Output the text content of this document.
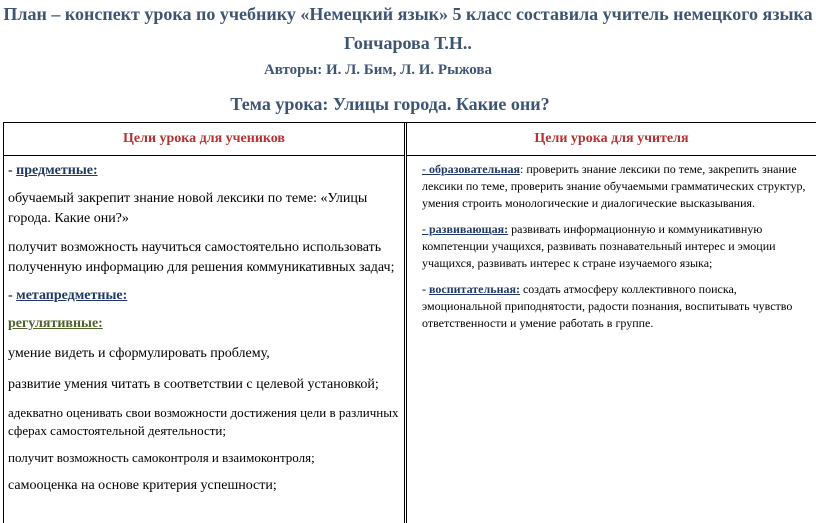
План – конспект урока по учебнику «Немецкий язык» 5 класс составила учитель немецкого языка
Гончарова Т.Н..
Авторы: И. Л. Бим, Л. И. Рыжова
Тема урока: Улицы города. Какие они?
Цели урока для учеников	Цели урока для учителя

- предметные:

обучаемый закрепит знание новой лексики по теме: «Улицы города. Какие они?»

получит возможность научиться самостоятельно использовать полученную информацию для решения коммуникативных задач;

- метапредметные:

регулятивные:

умение видеть и сформулировать проблему,

развитие умения читать в соответствии с целевой установкой;

адекватно оценивать свои возможности достижения цели в различных сферах самостоятельной деятельности;

получит возможность самоконтроля и взаимоконтроля;

самооценка на основе критерия успешности;

- образовательная: проверить знание лексики по теме, закрепить знание лексики по теме, проверить знание обучаемыми грамматических структур, умения строить монологические и диалогические высказывания.

- развивающая: развивать информационную и коммуникативную компетенции учащихся, развивать познавательный интерес и эмоции учащихся, развивать интерес к стране изучаемого языка;

- воспитательная: создать атмосферу коллективного поиска, эмоциональной приподнятости, радости познания, воспитывать чувство ответственности и умение работать в группе.
